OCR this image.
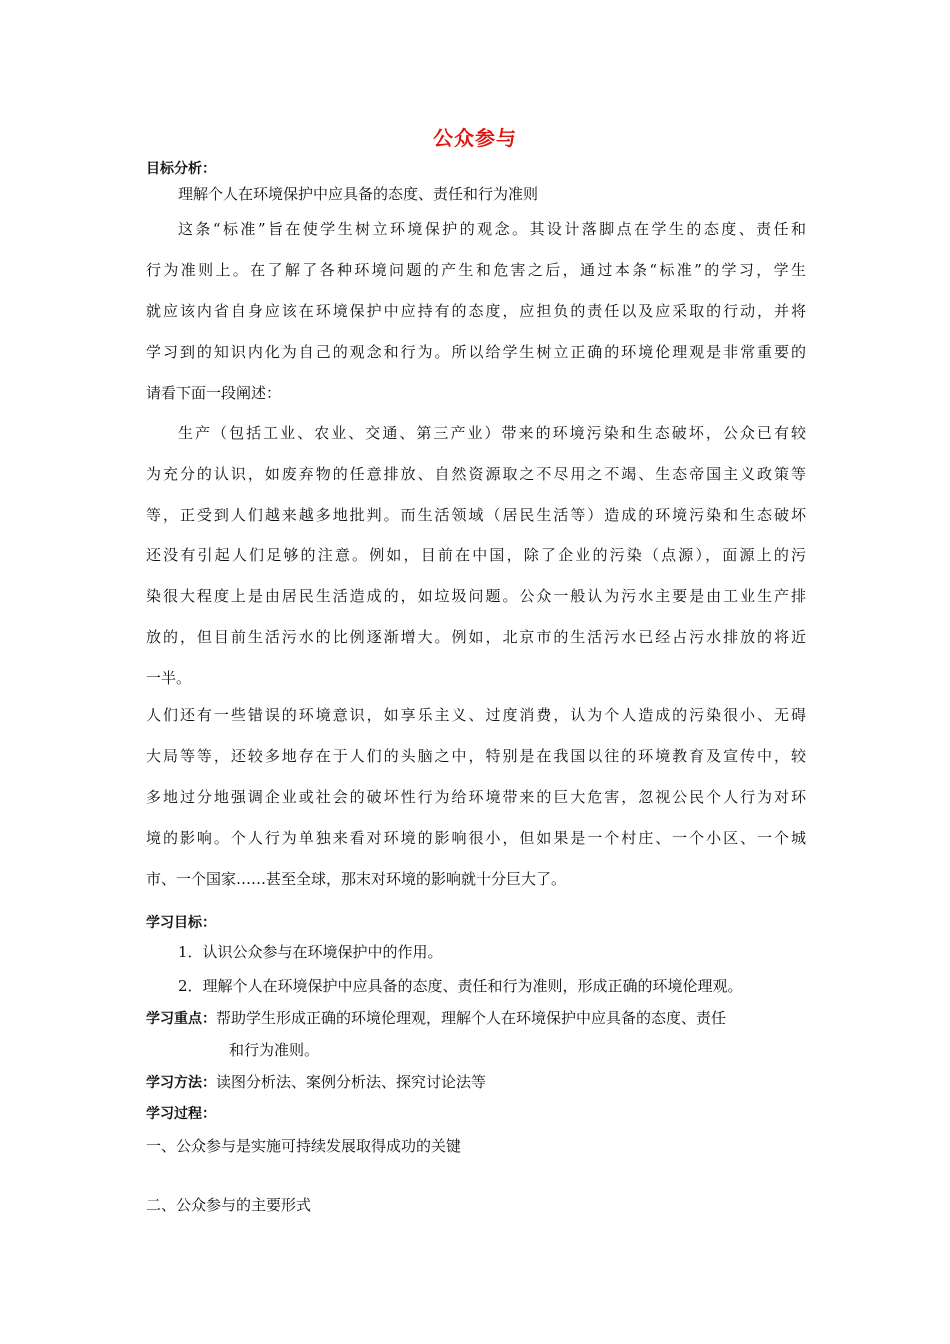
公众参与
目标分析：
理解个人在环境保护中应具备的态度、责任和行为准则
这条“标准”旨在使学生树立环境保护的观念。其设计落脚点在学生的态度、责任和
行为准则上。在了解了各种环境问题的产生和危害之后，通过本条“标准”的学习，学生
就应该内省自身应该在环境保护中应持有的态度，应担负的责任以及应采取的行动，并将
学习到的知识内化为自己的观念和行为。所以给学生树立正确的环境伦理观是非常重要的
请看下面一段阐述：
生产（包括工业、农业、交通、第三产业）带来的环境污染和生态破坏，公众已有较
为充分的认识，如废弃物的任意排放、自然资源取之不尽用之不竭、生态帝国主义政策等
等，正受到人们越来越多地批判。而生活领域（居民生活等）造成的环境污染和生态破坏
还没有引起人们足够的注意。例如，目前在中国，除了企业的污染（点源），面源上的污
染很大程度上是由居民生活造成的，如垃圾问题。公众一般认为污水主要是由工业生产排
放的，但目前生活污水的比例逐渐增大。例如，北京市的生活污水已经占污水排放的将近
一半。
人们还有一些错误的环境意识，如享乐主义、过度消费，认为个人造成的污染很小、无碍
大局等等，还较多地存在于人们的头脑之中，特别是在我国以往的环境教育及宣传中，较
多地过分地强调企业或社会的破坏性行为给环境带来的巨大危害，忽视公民个人行为对环
境的影响。个人行为单独来看对环境的影响很小，但如果是一个村庄、一个小区、一个城
市、一个国家……甚至全球，那末对环境的影响就十分巨大了。
学习目标：
1．认识公众参与在环境保护中的作用。
2．理解个人在环境保护中应具备的态度、责任和行为准则，形成正确的环境伦理观。
学习重点：帮助学生形成正确的环境伦理观，理解个人在环境保护中应具备的态度、责任
和行为准则。
学习方法：读图分析法、案例分析法、探究讨论法等
学习过程：
一、公众参与是实施可持续发展取得成功的关键
二、公众参与的主要形式
